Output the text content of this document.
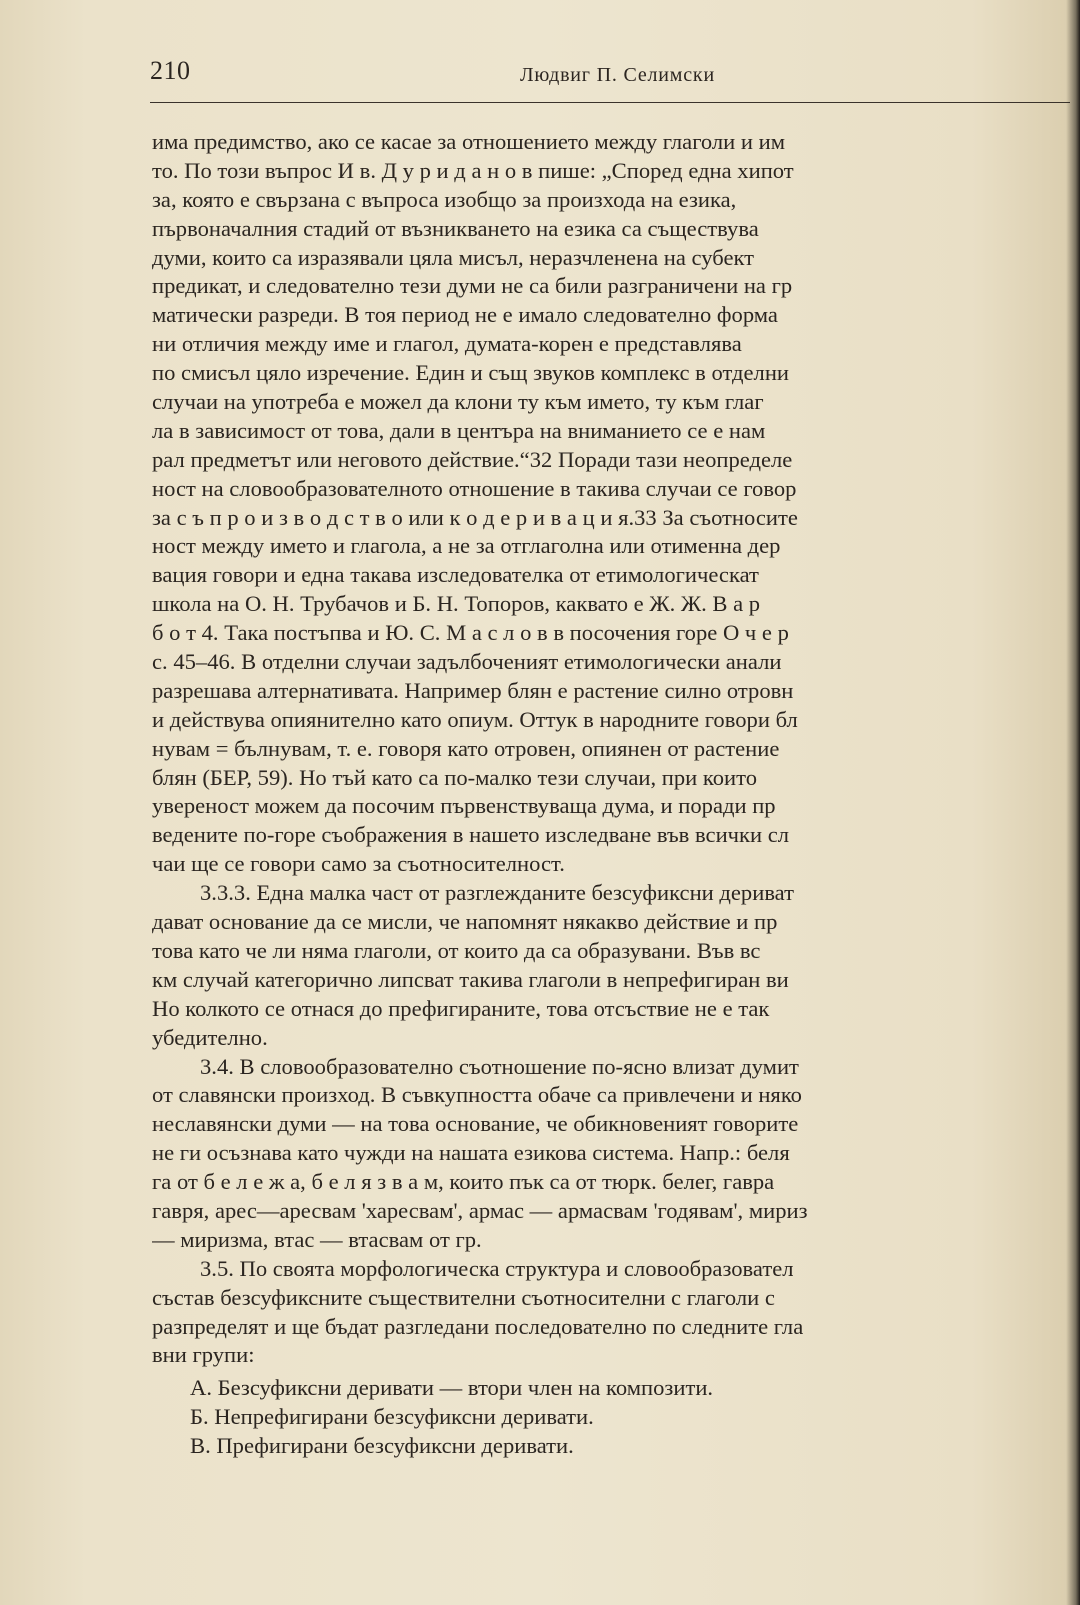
210	Людвиг П. Селимски
има предимство, ако се касае за отношението между глаголи и им
то. По този въпрос И в. Д у р и д а н о в пише: „Според една хипот
за, която е свързана с въпроса изобщо за произхода на езика,
първоначалния стадий от възникването на езика са съществува
думи, които са изразявали цяла мисъл, неразчленена на субект
предикат, и следователно тези думи не са били разграничени на гр
матически разреди. В тоя период не е имало следователно форма
ни отличия между име и глагол, думата-корен е представлява
по смисъл цяло изречение. Един и същ звуков комплекс в отделни
случаи на употреба е можел да клони ту към името, ту към глаг
ла в зависимост от това, дали в центъра на вниманието се е нам
рал предметът или неговото действие.“32 Поради тази неопределе
ност на словообразователното отношение в такива случаи се говор
за с ъ п р о и з в о д с т в о или к о д е р и в а ц и я.33 За съотносите
ност между името и глагола, а не за отглаголна или отименна дер
вация говори и една такава изследователка от етимологическат
школа на О. Н. Трубачов и Б. Н. Топоров, каквато е Ж. Ж. В а р
б о т 4. Така постъпва и Ю. С. М а с л о в в посочения горе О ч е р
с. 45–46. В отделни случаи задълбоченият етимологически анали
разрешава алтернативата. Например блян е растение силно отровн
и действува опиянително като опиум. Оттук в народните говори бл
нувам = бълнувам, т. е. говоря като отровен, опиянен от растение
блян (БЕР, 59). Но тъй като са по-малко тези случаи, при които
увереност можем да посочим първенствуваща дума, и поради пр
ведените по-горе съображения в нашето изследване във всички сл
чаи ще се говори само за съотносителност.
3.3.3. Една малка част от разглежданите безсуфиксни дериват
дават основание да се мисли, че напомнят някакво действие и пр
това като че ли няма глаголи, от които да са образувани. Във вс
км случай категорично липсват такива глаголи в непрефигиран ви
Но колкото се отнася до префигираните, това отсъствие не е так
убедително.
3.4. В словообразователно съотношение по-ясно влизат думит
от славянски произход. В съвкупността обаче са привлечени и няко
неславянски думи — на това основание, че обикновеният говорите
не ги осъзнава като чужди на нашата езикова система. Напр.: беля
га от б е л е ж а, б е л я з в а м, които пък са от тюрк. белег, гавра
гавря, арес—аресвам 'харесвам', армас — армасвам 'годявам', мириз
— миризма, втас — втасвам от гр.
3.5. По своята морфологическа структура и словообразовател
състав безсуфиксните съществителни съотносителни с глаголи с
разпределят и ще бъдат разгледани последователно по следните гла
вни групи:
А. Безсуфиксни деривати — втори член на композити.
Б. Непрефигирани безсуфиксни деривати.
В. Префигирани безсуфиксни деривати.
